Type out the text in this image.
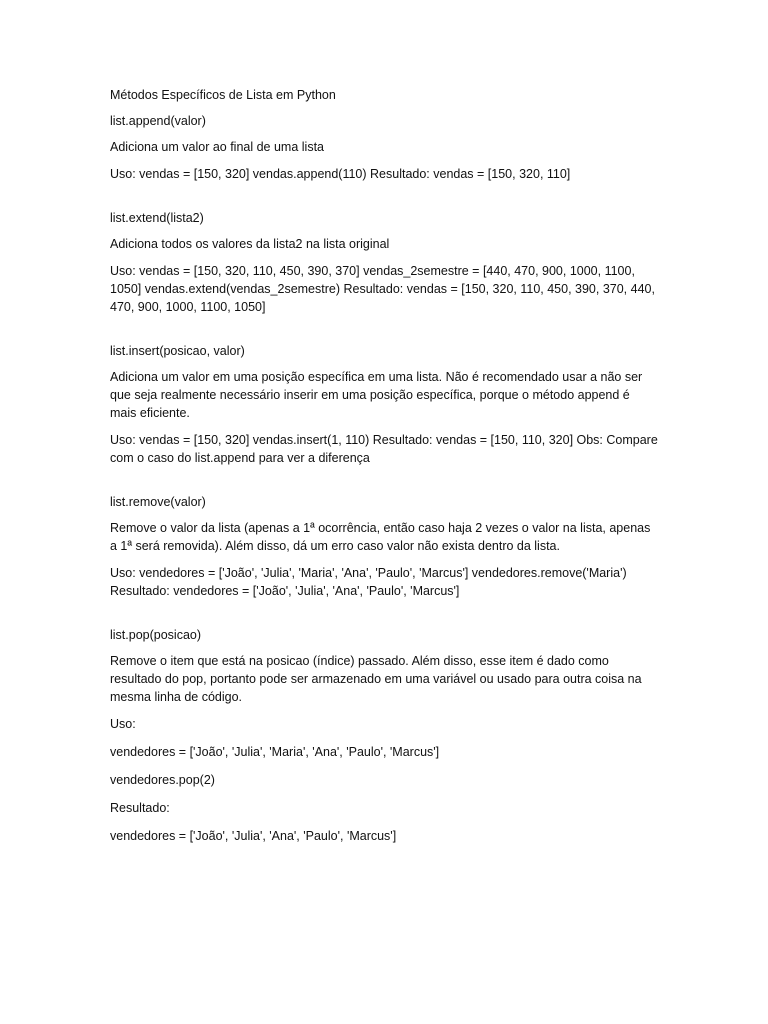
Métodos Específicos de Lista em Python

list.append(valor)

Adiciona um valor ao final de uma lista

Uso: vendas = [150, 320] vendas.append(110) Resultado: vendas = [150, 320, 110]

list.extend(lista2)

Adiciona todos os valores da lista2 na lista original

Uso: vendas = [150, 320, 110, 450, 390, 370] vendas_2semestre = [440, 470, 900, 1000, 1100, 1050] vendas.extend(vendas_2semestre) Resultado: vendas = [150, 320, 110, 450, 390, 370, 440, 470, 900, 1000, 1100, 1050]

list.insert(posicao, valor)

Adiciona um valor em uma posição específica em uma lista. Não é recomendado usar a não ser que seja realmente necessário inserir em uma posição específica, porque o método append é mais eficiente.

Uso: vendas = [150, 320] vendas.insert(1, 110) Resultado: vendas = [150, 110, 320] Obs: Compare com o caso do list.append para ver a diferença

list.remove(valor)

Remove o valor da lista (apenas a 1ª ocorrência, então caso haja 2 vezes o valor na lista, apenas a 1ª será removida). Além disso, dá um erro caso valor não exista dentro da lista.

Uso: vendedores = ['João', 'Julia', 'Maria', 'Ana', 'Paulo', 'Marcus'] vendedores.remove('Maria') Resultado: vendedores = ['João', 'Julia', 'Ana', 'Paulo', 'Marcus']

list.pop(posicao)

Remove o item que está na posicao (índice) passado. Além disso, esse item é dado como resultado do pop, portanto pode ser armazenado em uma variável ou usado para outra coisa na mesma linha de código.

Uso:

vendedores = ['João', 'Julia', 'Maria', 'Ana', 'Paulo', 'Marcus']

vendedores.pop(2)

Resultado:

vendedores = ['João', 'Julia', 'Ana', 'Paulo', 'Marcus']
